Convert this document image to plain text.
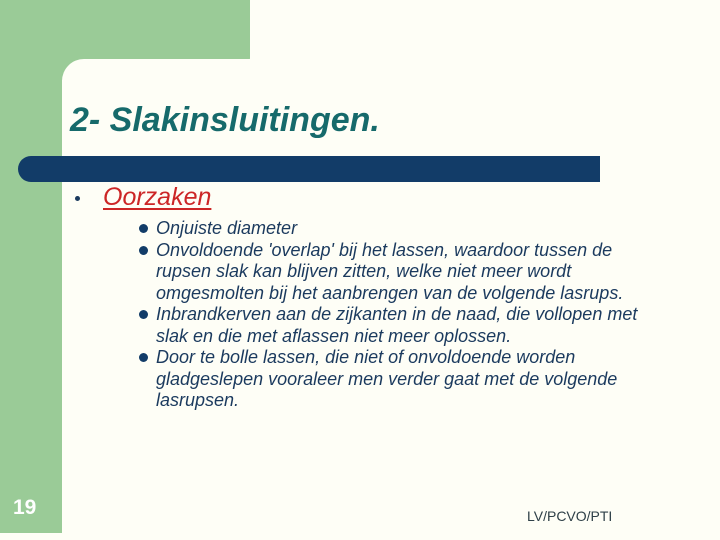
2- Slakinsluitingen.
Oorzaken
Onjuiste diameter
Onvoldoende 'overlap' bij het lassen, waardoor tussen de rupsen slak kan blijven zitten, welke niet meer wordt omgesmolten bij het aanbrengen van de volgende lasrups.
Inbrandkerven aan de zijkanten in de naad, die vollopen met slak en die met aflassen niet meer oplossen.
Door te bolle lassen, die niet of onvoldoende worden gladgeslepen vooraleer men verder gaat met de volgende lasrupsen.
19	LV/PCVO/PTI
